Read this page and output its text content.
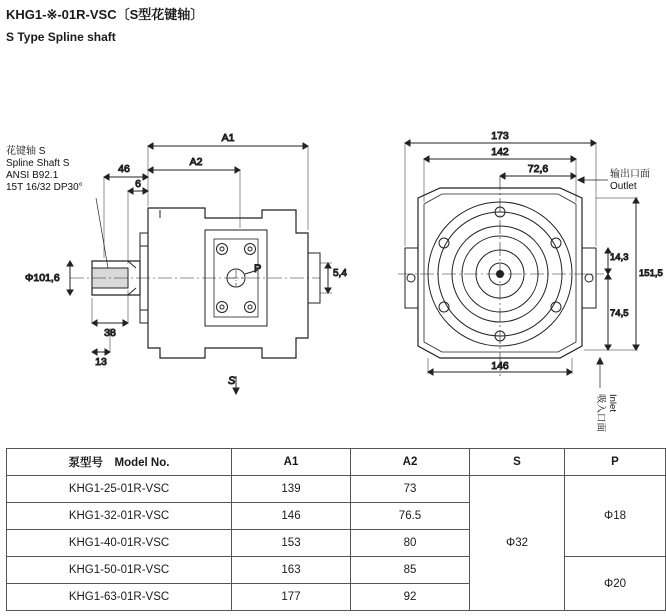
KHG1-※-01R-VSC〔S型花键轴〕
S Type Spline shaft
A1
A2
46
6
38
13
Φ101,6	5,4
S
P
173
142
72,6
146
14,3
151,5
74,5
花键轴 S
Spline Shaft S
ANSI B92.1
15T 16/32 DP30°
输出口面
Outlet
吸入口面 Inlet
泵型号　Model No.	A1	A2	S	P
KHG1-25-01R-VSC	139	73	Φ32	Φ18
KHG1-32-01R-VSC	146	76.5		
KHG1-40-01R-VSC	153	80		
KHG1-50-01R-VSC	163	85		Φ20
KHG1-63-01R-VSC	177	92		
